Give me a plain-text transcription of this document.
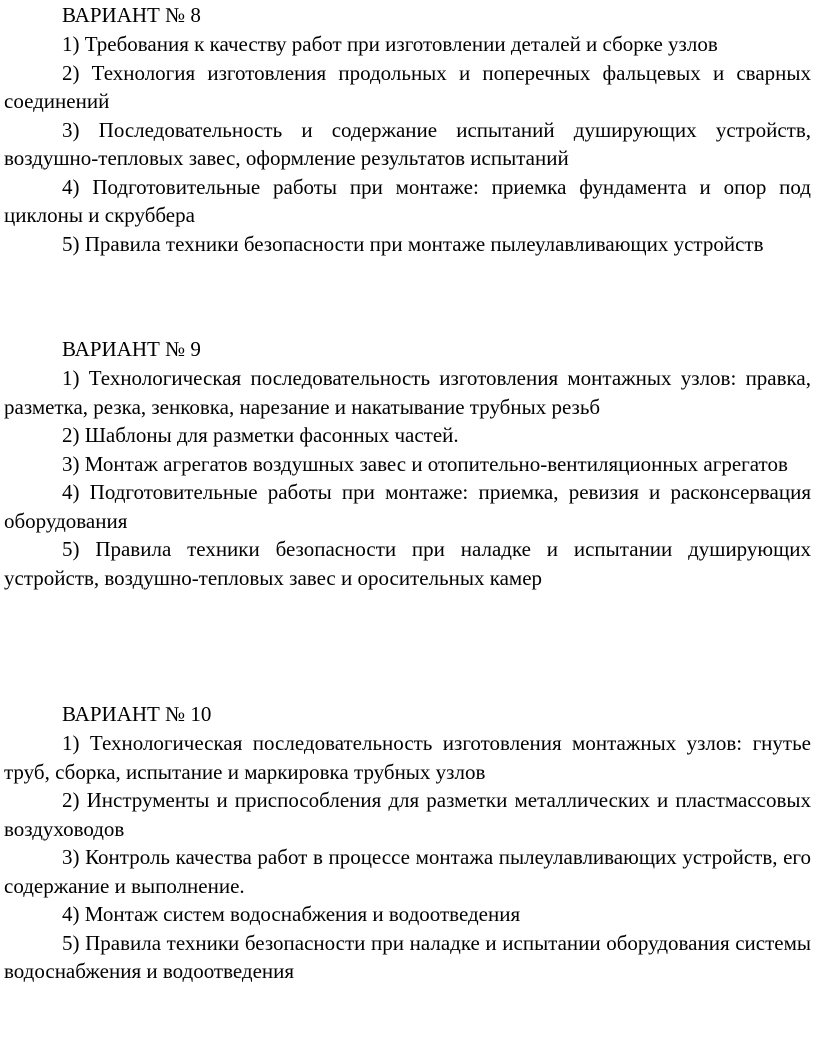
ВАРИАНТ № 8

1) Требования к качеству работ при изготовлении деталей и сборке узлов

2) Технология изготовления продольных и поперечных фальцевых и сварных соединений

3) Последовательность и содержание испытаний душирующих устройств, воздушно-тепловых завес, оформление результатов испытаний

4) Подготовительные работы при монтаже: приемка фундамента и опор под циклоны и скруббера

5) Правила техники безопасности при монтаже пылеулавливающих устройств

ВАРИАНТ № 9

1) Технологическая последовательность изготовления монтажных узлов: правка, разметка, резка, зенковка, нарезание и накатывание трубных резьб

2) Шаблоны для разметки фасонных частей.

3) Монтаж агрегатов воздушных завес и отопительно-вентиляционных агрегатов

4) Подготовительные работы при монтаже: приемка, ревизия и расконсервация оборудования

5) Правила техники безопасности при наладке и испытании душирующих устройств, воздушно-тепловых завес и оросительных камер

ВАРИАНТ № 10

1) Технологическая последовательность изготовления монтажных узлов: гнутье труб, сборка, испытание и маркировка трубных узлов

2) Инструменты и приспособления для разметки металлических и пластмассовых воздуховодов

3) Контроль качества работ в процессе монтажа пылеулавливающих устройств, его содержание и выполнение.

4) Монтаж систем водоснабжения и водоотведения

5) Правила техники безопасности при наладке и испытании оборудования системы водоснабжения и водоотведения
